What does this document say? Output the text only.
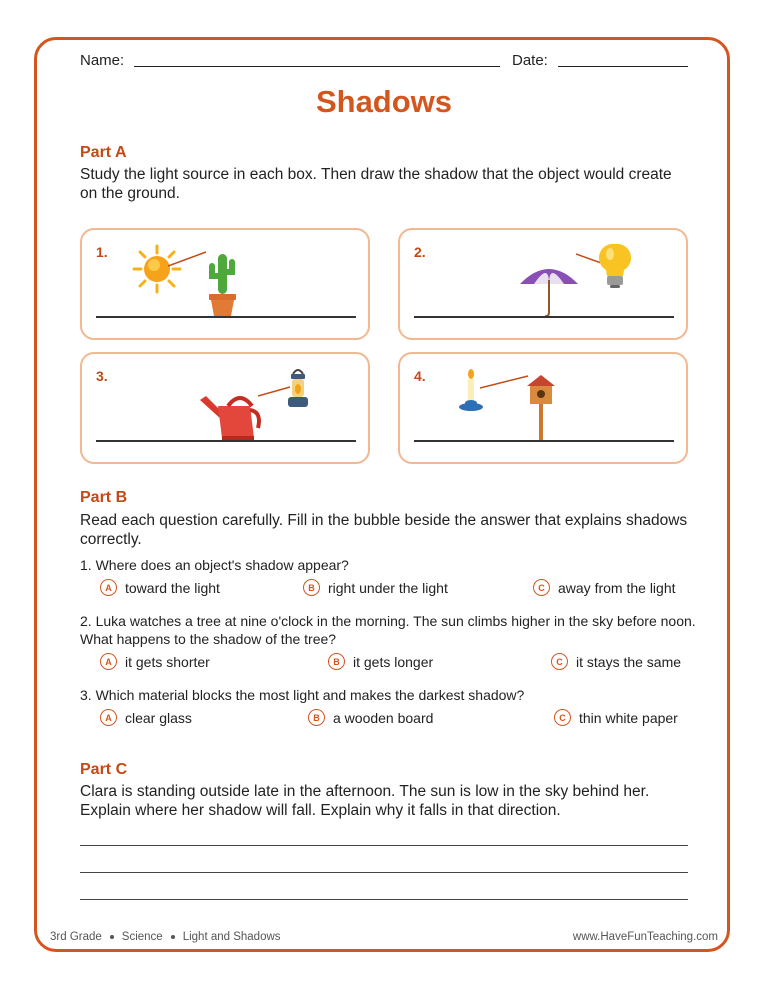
Name:	Date:
Shadows
Part A
Study the light source in each box. Then draw the shadow that the object would create on the ground.
1.	2.
3.	4.
Part B
Read each question carefully. Fill in the bubble beside the answer that explains shadows correctly.
1. Where does an object's shadow appear?
A toward the light	B right under the light	C away from the light
2. Luka watches a tree at nine o'clock in the morning. The sun climbs higher in the sky before noon. What happens to the shadow of the tree?
A it gets shorter	B it gets longer	C it stays the same
3. Which material blocks the most light and makes the darkest shadow?
A clear glass	B a wooden board	C thin white paper
Part C
Clara is standing outside late in the afternoon. The sun is low in the sky behind her. Explain where her shadow will fall. Explain why it falls in that direction.
3rd Grade Science Light and Shadows	www.HaveFunTeaching.com
